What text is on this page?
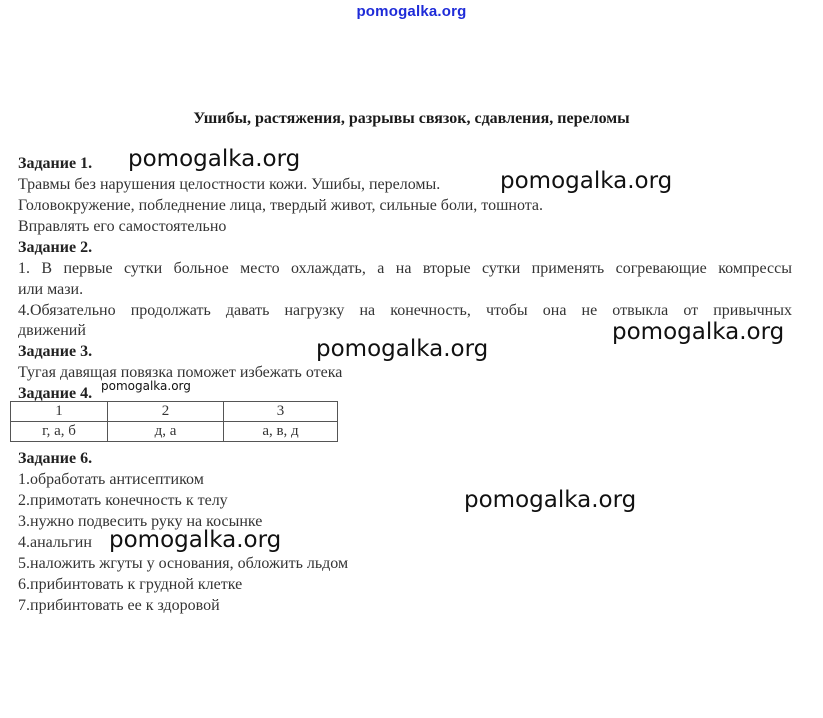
pomogalka.org
Ушибы, растяжения, разрывы связок, сдавления, переломы
Задание 1.
Травмы без нарушения целостности кожи. Ушибы, переломы.
Головокружение, побледнение лица, твердый живот, сильные боли, тошнота.
Вправлять его самостоятельно
Задание 2.
1. В первые сутки больное место охлаждать, а на вторые сутки применять согревающие компрессы
или мази.
4.Обязательно продолжать давать нагрузку на конечность, чтобы она не отвыкла от привычных
движений
Задание 3.
Тугая давящая повязка поможет избежать отека
Задание 4.
1	2	3
г, а, б	д, а	а, в, д
Задание 6.
1.обработать антисептиком
2.примотать конечность к телу
3.нужно подвесить руку на косынке
4.анальгин
5.наложить жгуты у основания, обложить льдом
6.прибинтовать к грудной клетке
7.прибинтовать ее к здоровой
pomogalka.org
pomogalka.org
pomogalka.org
pomogalka.org
pomogalka.org
pomogalka.org
pomogalka.org
